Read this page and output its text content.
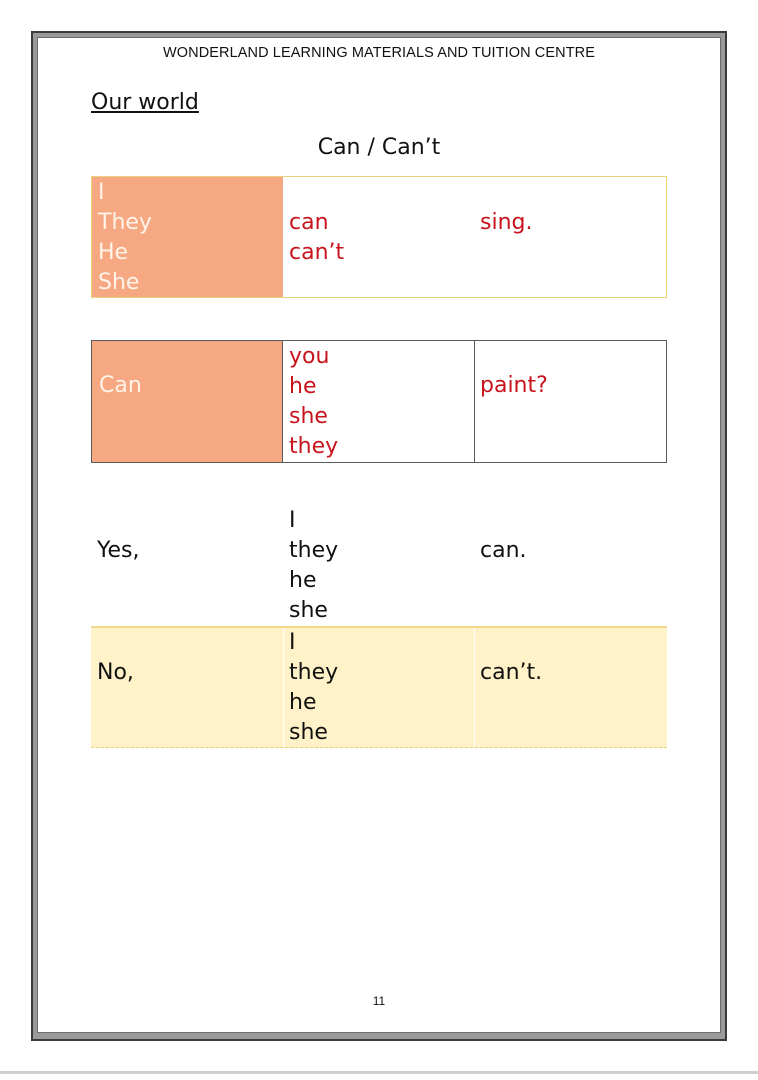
WONDERLAND LEARNING MATERIALS AND TUITION CENTRE
Our world
Can / Can’t
I
They
He
She
can
can’t
sing.
Can
you
he
she
they
paint?
Yes,
I
they
he
she
can.
No,
I
they
he
she
can’t.
11
